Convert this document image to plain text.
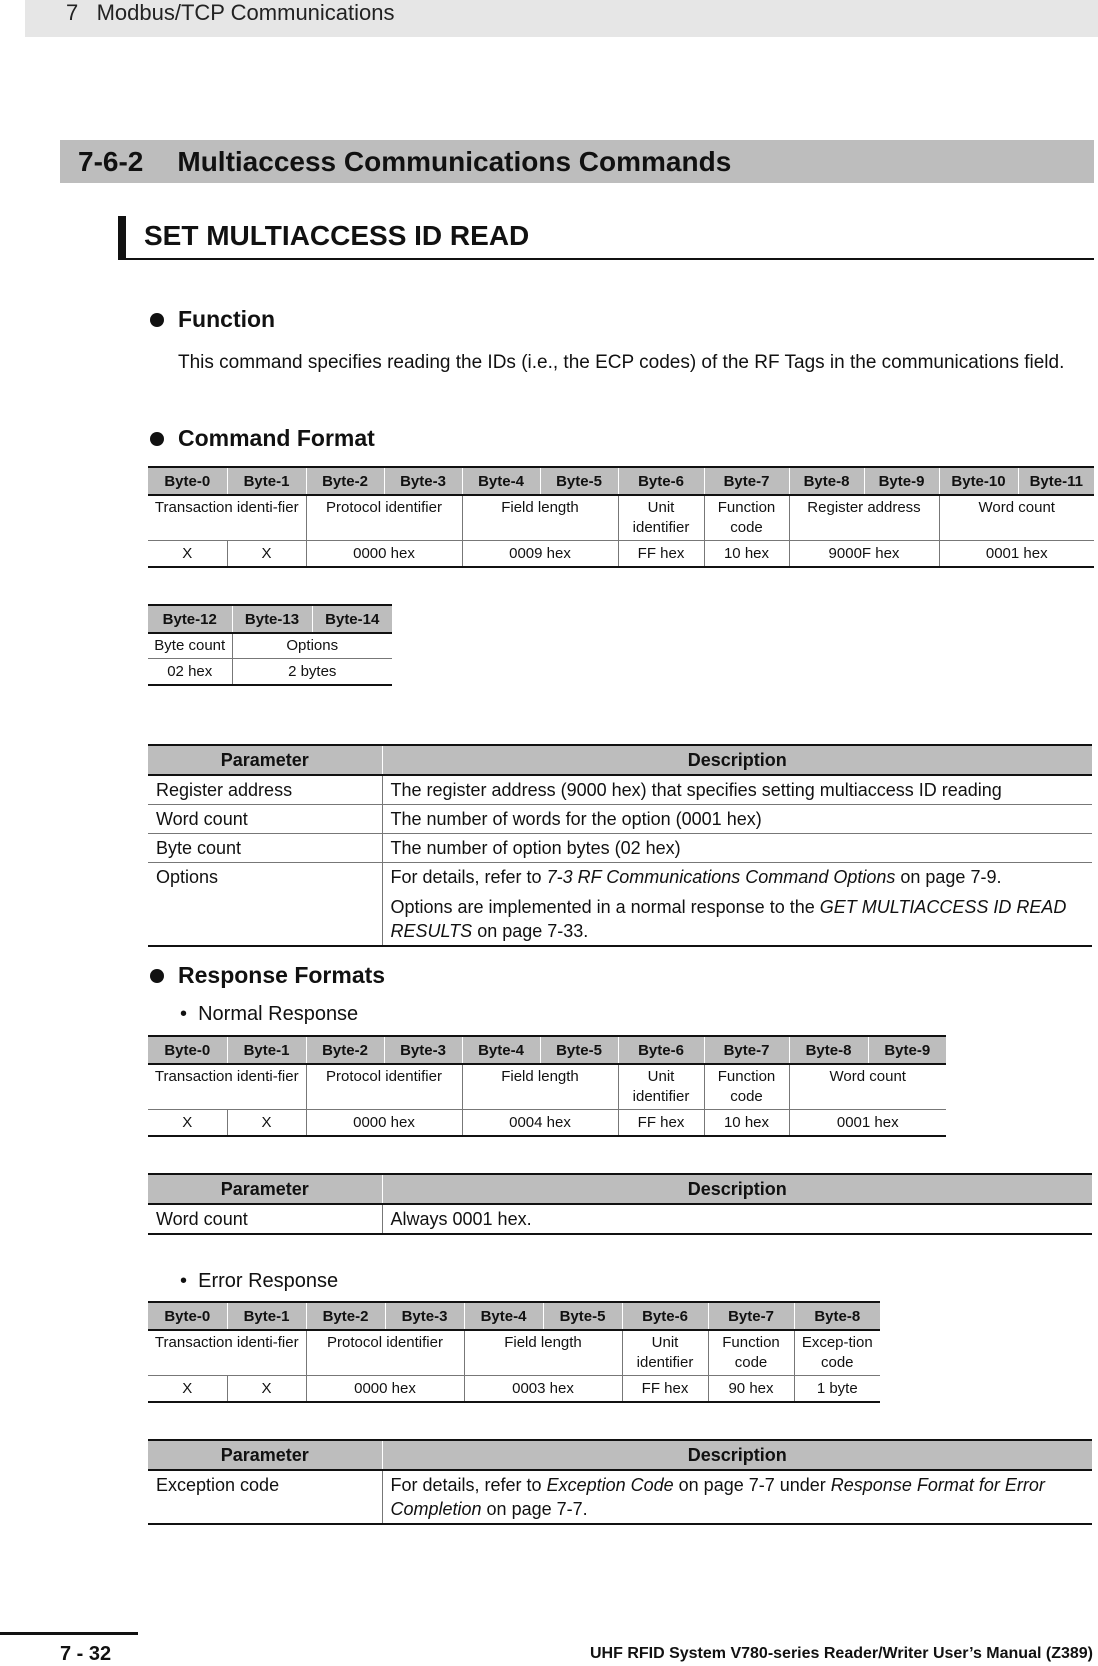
7   Modbus/TCP Communications
7-6-2 Multiaccess Communications Commands
SET MULTIACCESS ID READ
Function
This command specifies reading the IDs (i.e., the ECP codes) of the RF Tags in the communications field.
Command Format
Byte-0	Byte-1	Byte-2	Byte-3	Byte-4	Byte-5	Byte-6	Byte-7	Byte-8	Byte-9	Byte-10	Byte-11
Transaction identi-fier		Protocol identifier		Field length		Unit identifier	Function code	Register address		Word count	
X	X	0000 hex		0009 hex		FF hex	10 hex	9000F hex		0001 hex	
Byte-12	Byte-13	Byte-14
Byte count	Options	
02 hex	2 bytes	
Parameter	Description
Register address	The register address (9000 hex) that specifies setting multiaccess ID reading
Word count	The number of words for the option (0001 hex)
Byte count	The number of option bytes (02 hex)
Options	For details, refer to 7-3 RF Communications Command Options on page 7-9.
Options are implemented in a normal response to the GET MULTIACCESS ID READ RESULTS on page 7-33.
Response Formats
•  Normal Response
Byte-0	Byte-1	Byte-2	Byte-3	Byte-4	Byte-5	Byte-6	Byte-7	Byte-8	Byte-9
Transaction identi-fier		Protocol identifier		Field length		Unit identifier	Function code	Word count	
X	X	0000 hex		0004 hex		FF hex	10 hex	0001 hex	
Parameter	Description
Word count	Always 0001 hex.
•  Error Response
Byte-0	Byte-1	Byte-2	Byte-3	Byte-4	Byte-5	Byte-6	Byte-7	Byte-8
Transaction identi-fier		Protocol identifier		Field length		Unit identifier	Function code	Excep-tion code
X	X	0000 hex		0003 hex		FF hex	90 hex	1 byte
Parameter	Description
Exception code	For details, refer to Exception Code on page 7-7 under Response Format for Error Completion on page 7-7.
7 - 32	UHF RFID System V780-series Reader/Writer User’s Manual (Z389)
